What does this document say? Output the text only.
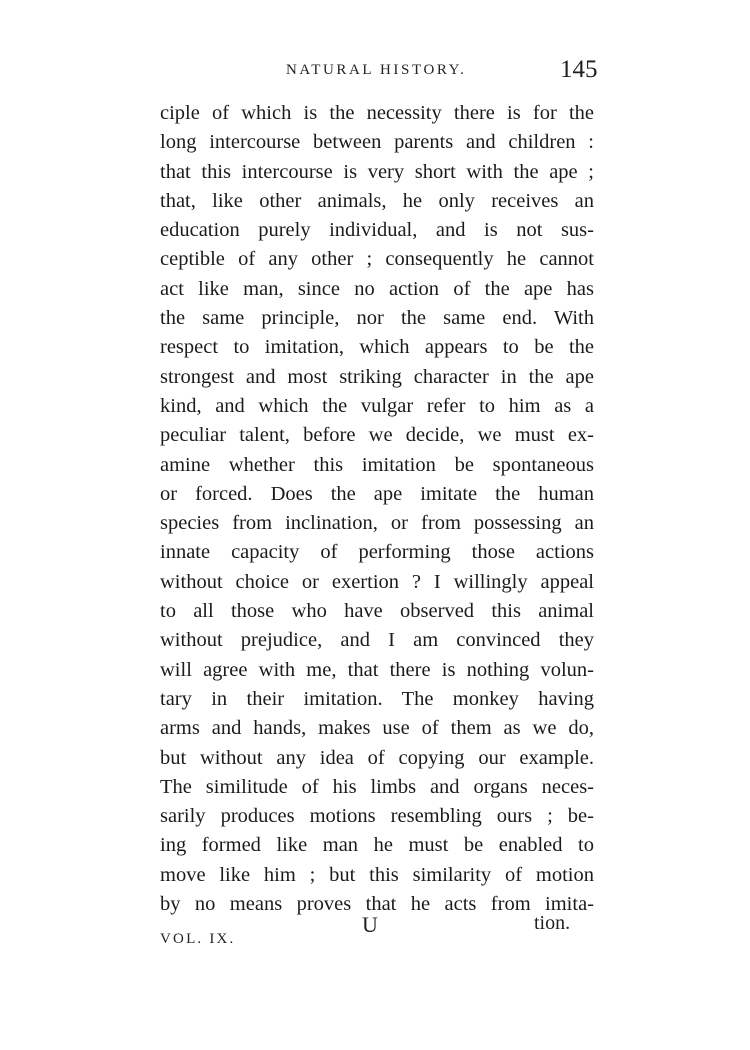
NATURAL HISTORY.	145
ciple of which is the necessity there is for the
long intercourse between parents and children :
that this intercourse is very short with the ape ;
that, like other animals, he only receives an
education purely individual, and is not sus-
ceptible of any other ; consequently he cannot
act like man, since no action of the ape has
the same principle, nor the same end. With
respect to imitation, which appears to be the
strongest and most striking character in the ape
kind, and which the vulgar refer to him as a
peculiar talent, before we decide, we must ex-
amine whether this imitation be spontaneous
or forced. Does the ape imitate the human
species from inclination, or from possessing an
innate capacity of performing those actions
without choice or exertion ? I willingly appeal
to all those who have observed this animal
without prejudice, and I am convinced they
will agree with me, that there is nothing volun-
tary in their imitation. The monkey having
arms and hands, makes use of them as we do,
but without any idea of copying our example.
The similitude of his limbs and organs neces-
sarily produces motions resembling ours ; be-
ing formed like man he must be enabled to
move like him ; but this similarity of motion
by no means proves that he acts from imita-
VOL. IX.
U	tion.
